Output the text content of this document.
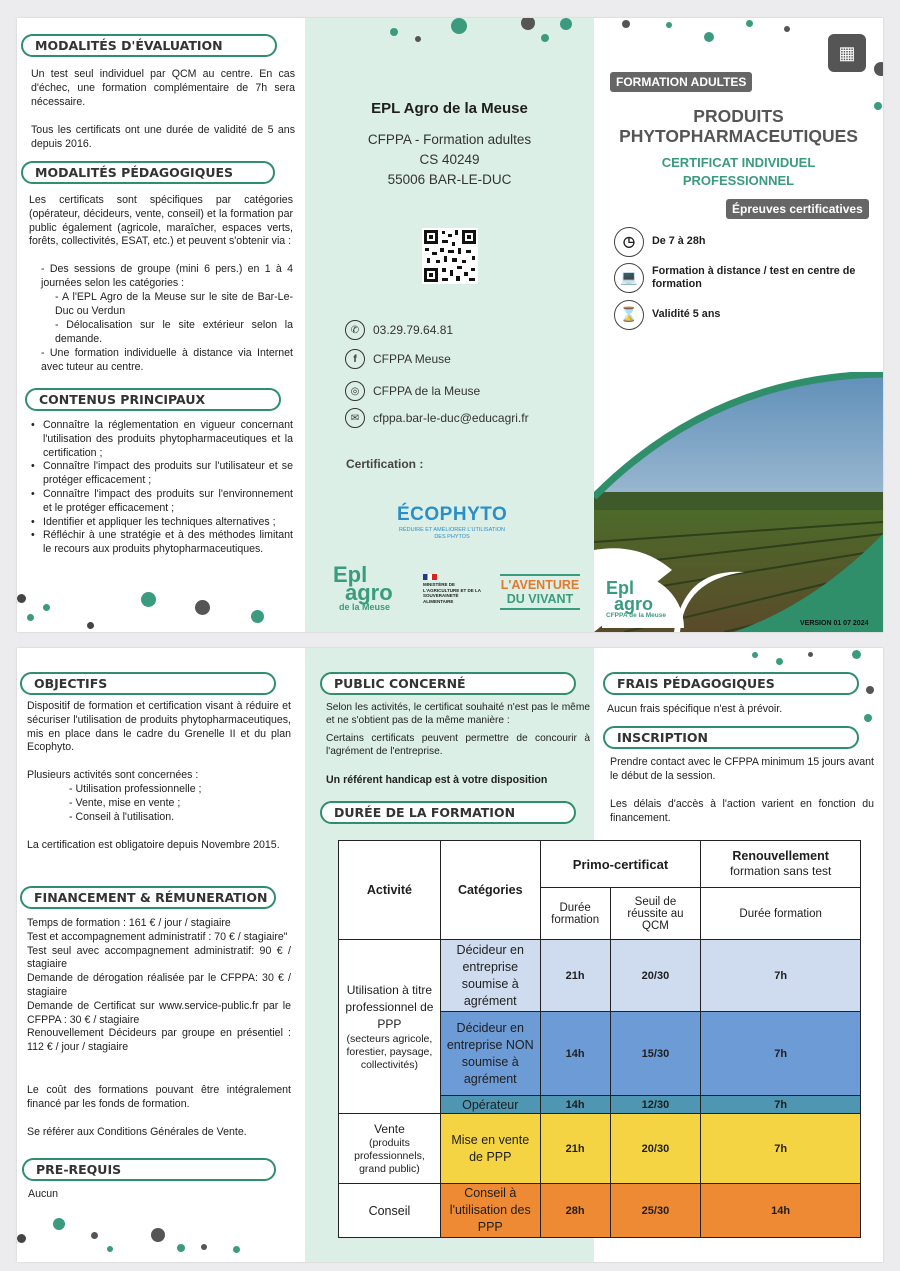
MODALITÉS D'ÉVALUATION
Un test seul individuel par QCM au centre. En cas d'échec, une formation complémentaire de 7h sera nécessaire.
Tous les certificats ont une durée de validité de 5 ans depuis 2016.
MODALITÉS PÉDAGOGIQUES
Les certificats sont spécifiques par catégories (opérateur, décideurs, vente, conseil) et la formation par public également (agricole, maraîcher, espaces verts, forêts, collectivités, ESAT, etc.) et peuvent s'obtenir via :
- Des sessions de groupe (mini 6 pers.) en 1 à 4 journées selon les catégories :
- A l'EPL Agro de la Meuse sur le site de Bar-Le-Duc ou Verdun
- Délocalisation sur le site extérieur selon la demande.
- Une formation individuelle à distance via Internet avec tuteur au centre.
CONTENUS PRINCIPAUX
• Connaître la réglementation en vigueur concernant l'utilisation des produits phytopharmaceutiques et la certification ;
• Connaître l'impact des produits sur l'utilisateur et se protéger efficacement ;
• Connaître l'impact des produits sur l'environnement et le protéger efficacement ;
• Identifier et appliquer les techniques alternatives ;
• Réfléchir à une stratégie et à des méthodes limitant le recours aux produits phytopharmaceutiques.
EPL Agro de la Meuse
CFPPA - Formation adultes
CS 40249
55006 BAR-LE-DUC
✆	03.29.79.64.81
f	CFPPA Meuse
◎	CFPPA de la Meuse
✉	cfppa.bar-le-duc@educagri.fr
Certification :
ÉCOPHYTO
RÉDUIRE ET AMÉLIORER L'UTILISATION DES PHYTOS
Epl
agro
de la Meuse
MINISTÈRE DE L'AGRICULTURE ET DE LA SOUVERAINETÉ ALIMENTAIRE
L'AVENTURE
DU VIVANT
▦
FORMATION ADULTES
PRODUITS
PHYTOPHARMACEUTIQUES
CERTIFICAT INDIVIDUEL
PROFESSIONNEL
Épreuves certificatives
◷	De 7 à 28h
💻	Formation à distance / test en centre de formation
⌛	Validité 5 ans
Epl
agro
CFPPA de la Meuse
VERSION 01 07 2024
OBJECTIFS
Dispositif de formation et certification visant à réduire et sécuriser l'utilisation de produits phytopharmaceutiques, mis en place dans le cadre du Grenelle II et du plan Ecophyto.
Plusieurs activités sont concernées :
- Utilisation professionnelle ;
- Vente, mise en vente ;
- Conseil à l'utilisation.
La certification est obligatoire depuis Novembre 2015.
FINANCEMENT & RÉMUNERATION
Temps de formation : 161 € / jour / stagiaire
Test et accompagnement administratif : 70 € / stagiaire"
Test seul avec accompagnement administratif: 90 € / stagiaire
Demande de dérogation réalisée par le CFPPA: 30 € / stagiaire
Demande de Certificat sur www.service-public.fr par le CFPPA : 30 € / stagiaire
Renouvellement Décideurs par groupe en présentiel : 112 € / jour / stagiaire
Le coût des formations pouvant être intégralement financé par les fonds de formation.
Se référer aux Conditions Générales de Vente.
PRE-REQUIS
Aucun
PUBLIC CONCERNÉ
Selon les activités, le certificat souhaité n'est pas le même et ne s'obtient pas de la même manière :
Certains certificats peuvent permettre de concourir à l'agrément de l'entreprise.
Un référent handicap est à votre disposition
DURÉE DE LA FORMATION
FRAIS PÉDAGOGIQUES
Aucun frais spécifique n'est à prévoir.
INSCRIPTION
Prendre contact avec le CFPPA minimum 15 jours avant le début de la session.
Les délais d'accès à l'action varient en fonction du financement.
Activité	Catégories	Primo-certificat		Renouvellement
formation sans test

		Durée formation	Seuil de réussite au QCM	Durée formation

Utilisation à titre professionnel de PPP
(secteurs agricole, forestier, paysage, collectivités)	Décideur en entreprise soumise à agrément	21h	20/30	7h
	Décideur en entreprise NON soumise à agrément	14h	15/30	7h
	Opérateur	14h	12/30	7h

Vente
(produits professionnels, grand public)	Mise en vente de PPP	21h	20/30	7h
Conseil	Conseil à l'utilisation des PPP	28h	25/30	14h
